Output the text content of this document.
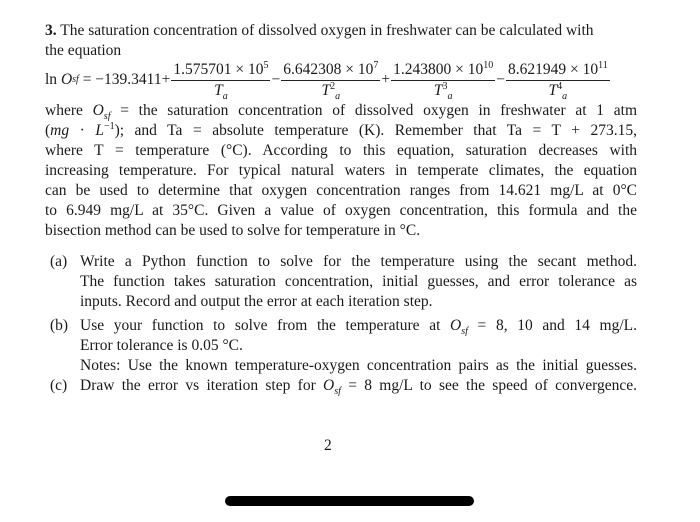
3. The saturation concentration of dissolved oxygen in freshwater can be calculated with
the equation
ln
O sf
= $-139.3411+ \frac{1.575701 \times 10^5}{T_a} - \frac{6.642308 \times 10^7}{T^2_a} + \frac{1.243800 \times 10^{10}}{T^3_a} - \frac{8.621949 \times 10^{11}}{T^4_a}$
where $O_{sf}$ = the saturation concentration of dissolved oxygen in freshwater at 1 atm
$(mg \cdot L^{-1})$; and Ta = absolute temperature (K). Remember that Ta = T + 273.15,
where T = temperature (°C). According to this equation, saturation decreases with
increasing temperature. For typical natural waters in temperate climates, the equation
can be used to determine that oxygen concentration ranges from 14.621 mg/L at 0°C
to 6.949 mg/L at 35°C. Given a value of oxygen concentration, this formula and the
bisection method can be used to solve for temperature in °C.
(a) Write a Python function to solve for the temperature using the secant method.
The function takes saturation concentration, initial guesses, and error tolerance as
inputs. Record and output the error at each iteration step.
(b) Use your function to solve from the temperature at $O_{sf} = 8$, 10 and 14 mg/L.
Error tolerance is 0.05 °C.
Notes: Use the known temperature-oxygen concentration pairs as the initial guesses.
(c) Draw the error vs iteration step for $O_{sf} = 8$ mg/L to see the speed of convergence.
2
